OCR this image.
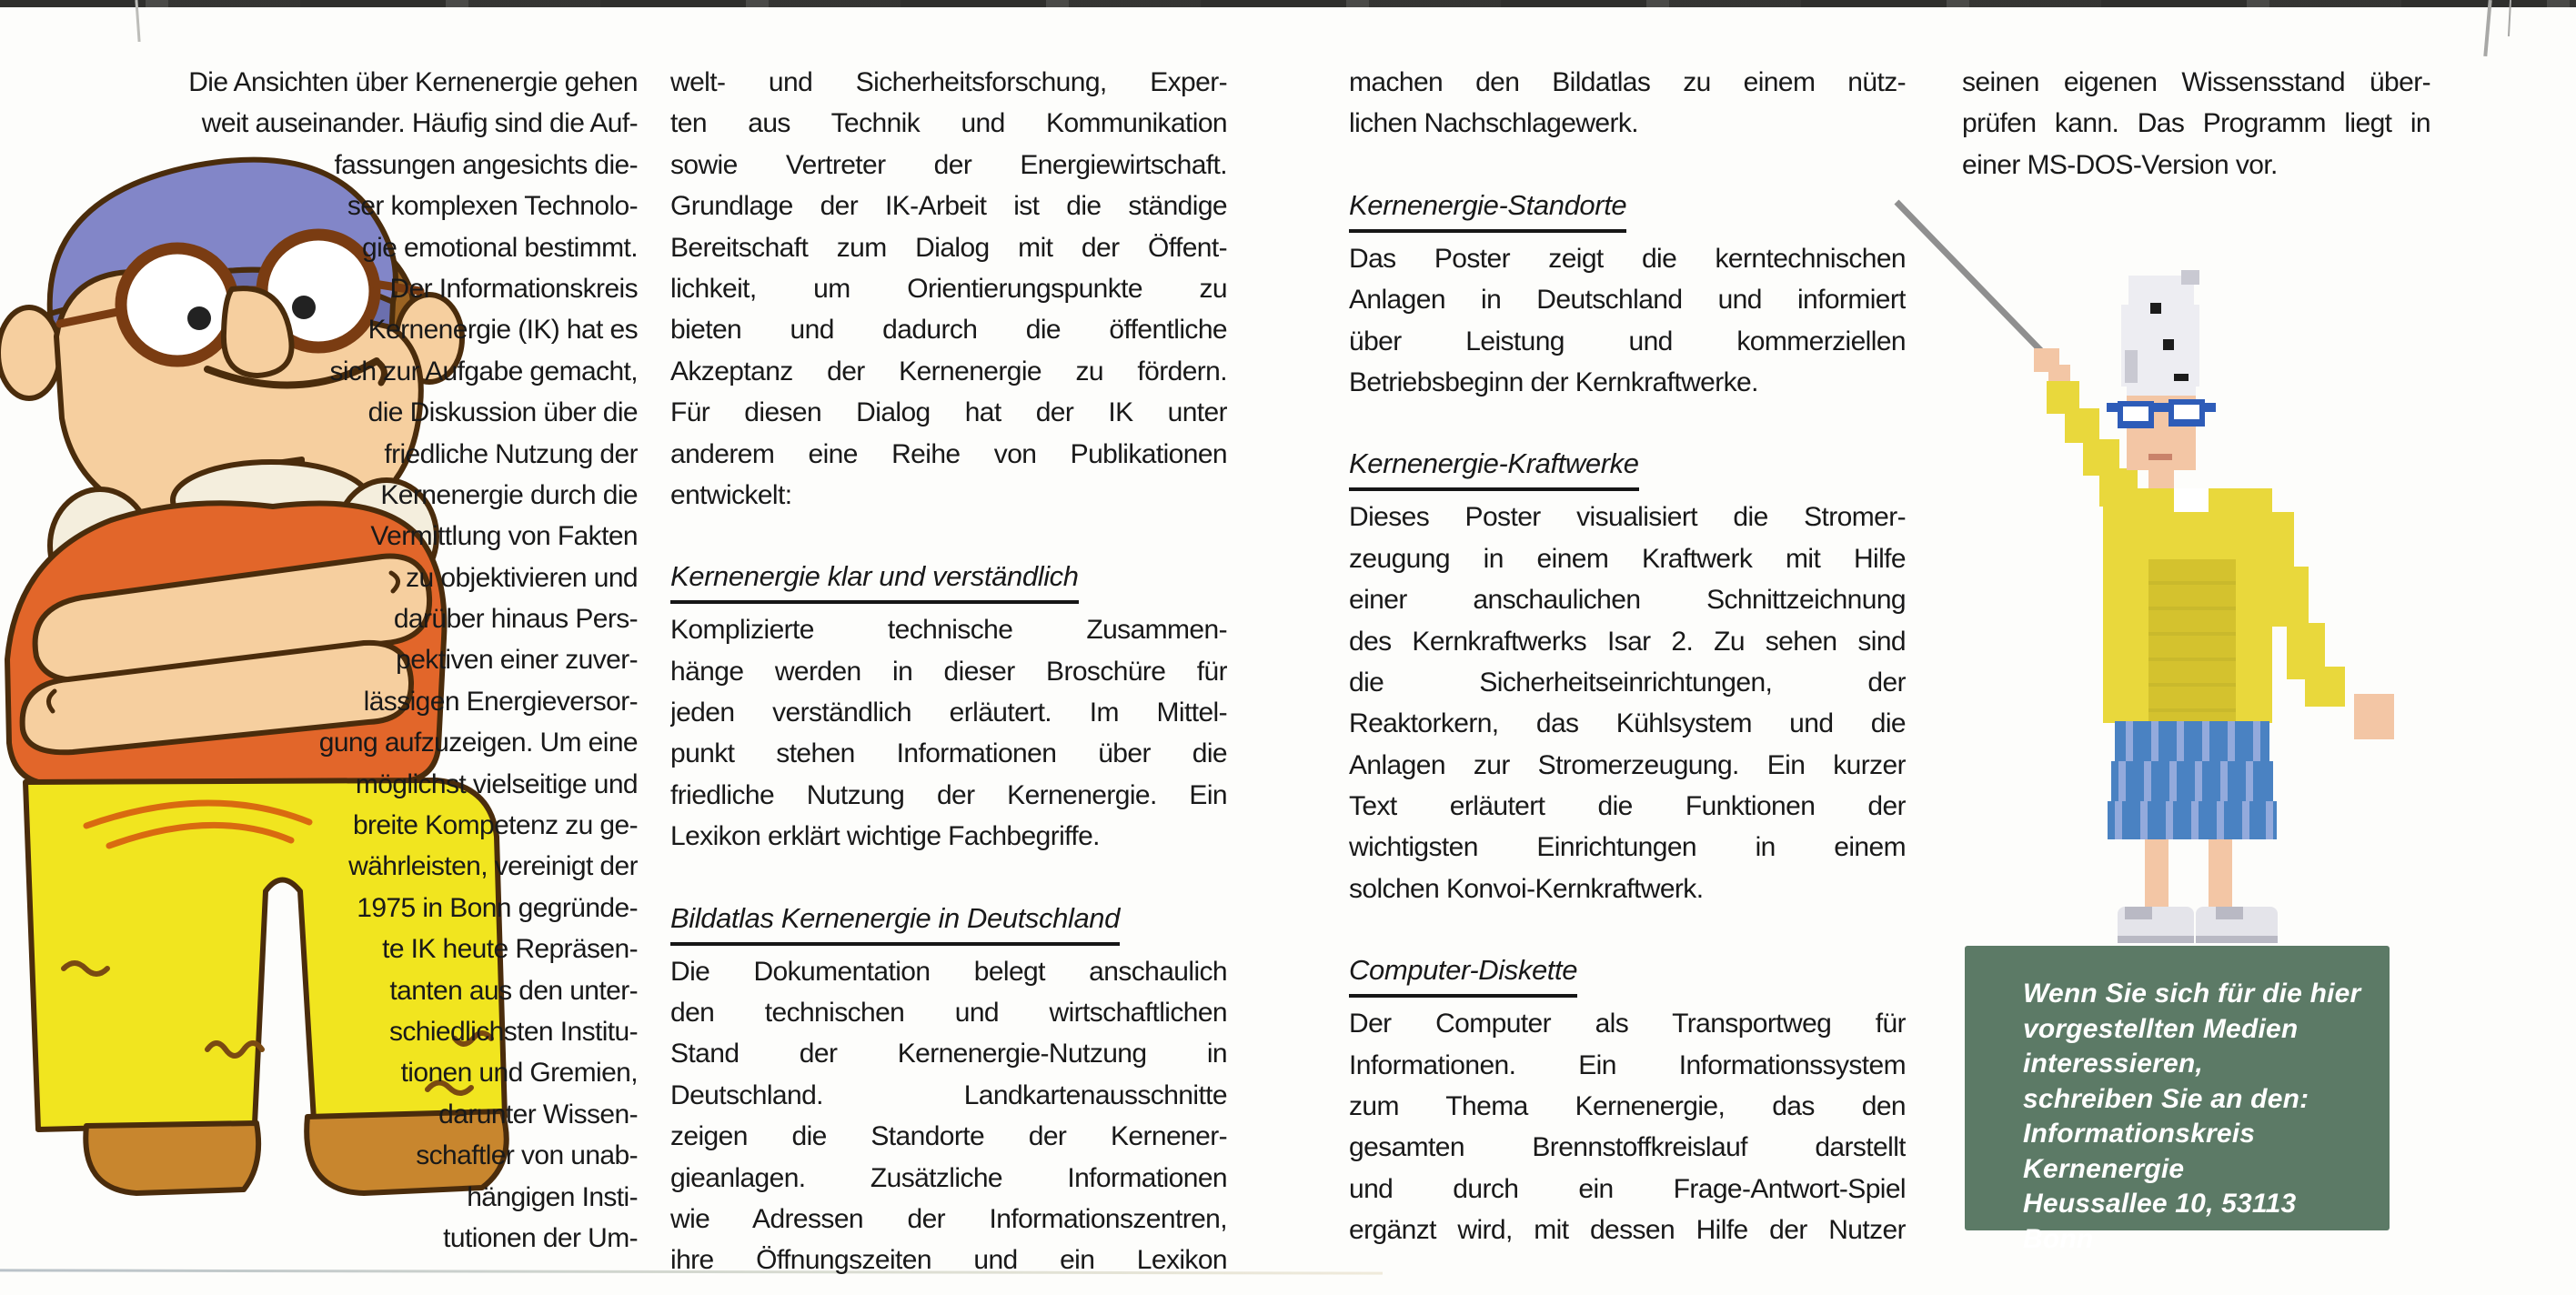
Die Ansichten über Kernenergie gehen
weit auseinander. Häufig sind die Auf-
fassungen angesichts die-
ser komplexen Technolo-
gie emotional bestimmt.
Der Informationskreis
Kernenergie (IK) hat es
sich zur Aufgabe gemacht,
die Diskussion über die
friedliche Nutzung der
Kernenergie durch die
Vermittlung von Fakten
zu objektivieren und
darüber hinaus Pers-
pektiven einer zuver-
lässigen Energieversor-
gung aufzuzeigen. Um eine
möglichst vielseitige und
breite Kompetenz zu ge-
währleisten, vereinigt der
1975 in Bonn gegründe-
te IK heute Repräsen-
tanten aus den unter-
schiedlichsten Institu-
tionen und Gremien,
darunter Wissen-
schaftler von unab-
hängigen Insti-
tutionen der Um-
welt- und Sicherheitsforschung, Exper-
ten aus Technik und Kommunikation
sowie Vertreter der Energiewirtschaft.
Grundlage der IK-Arbeit ist die ständige
Bereitschaft zum Dialog mit der Öffent-
lichkeit, um Orientierungspunkte zu
bieten und dadurch die öffentliche
Akzeptanz der Kernenergie zu fördern.
Für diesen Dialog hat der IK unter
anderem eine Reihe von Publikationen
entwickelt:
Kernenergie klar und verständlich
Komplizierte technische Zusammen-
hänge werden in dieser Broschüre für
jeden verständlich erläutert. Im Mittel-
punkt stehen Informationen über die
friedliche Nutzung der Kernenergie. Ein
Lexikon erklärt wichtige Fachbegriffe.
Bildatlas Kernenergie in Deutschland
Die Dokumentation belegt anschaulich
den technischen und wirtschaftlichen
Stand der Kernenergie-Nutzung in
Deutschland. Landkartenausschnitte
zeigen die Standorte der Kernener-
gieanlagen. Zusätzliche Informationen
wie Adressen der Informationszentren,
ihre Öffnungszeiten und ein Lexikon
machen den Bildatlas zu einem nütz-
lichen Nachschlagewerk.
Kernenergie-Standorte
Das Poster zeigt die kerntechnischen
Anlagen in Deutschland und informiert
über Leistung und kommerziellen
Betriebsbeginn der Kernkraftwerke.
Kernenergie-Kraftwerke
Dieses Poster visualisiert die Stromer-
zeugung in einem Kraftwerk mit Hilfe
einer anschaulichen Schnittzeichnung
des Kernkraftwerks Isar 2. Zu sehen sind
die Sicherheitseinrichtungen, der
Reaktorkern, das Kühlsystem und die
Anlagen zur Stromerzeugung. Ein kurzer
Text erläutert die Funktionen der
wichtigsten Einrichtungen in einem
solchen Konvoi-Kernkraftwerk.
Computer-Diskette
Der Computer als Transportweg für
Informationen. Ein Informationssystem
zum Thema Kernenergie, das den
gesamten Brennstoffkreislauf darstellt
und durch ein Frage-Antwort-Spiel
ergänzt wird, mit dessen Hilfe der Nutzer
seinen eigenen Wissensstand über-
prüfen kann. Das Programm liegt in
einer MS-DOS-Version vor.
Wenn Sie sich für die hier
vorgestellten Medien
interessieren,
schreiben Sie an den:
Informationskreis
Kernenergie
Heussallee 10, 53113 Bonn
